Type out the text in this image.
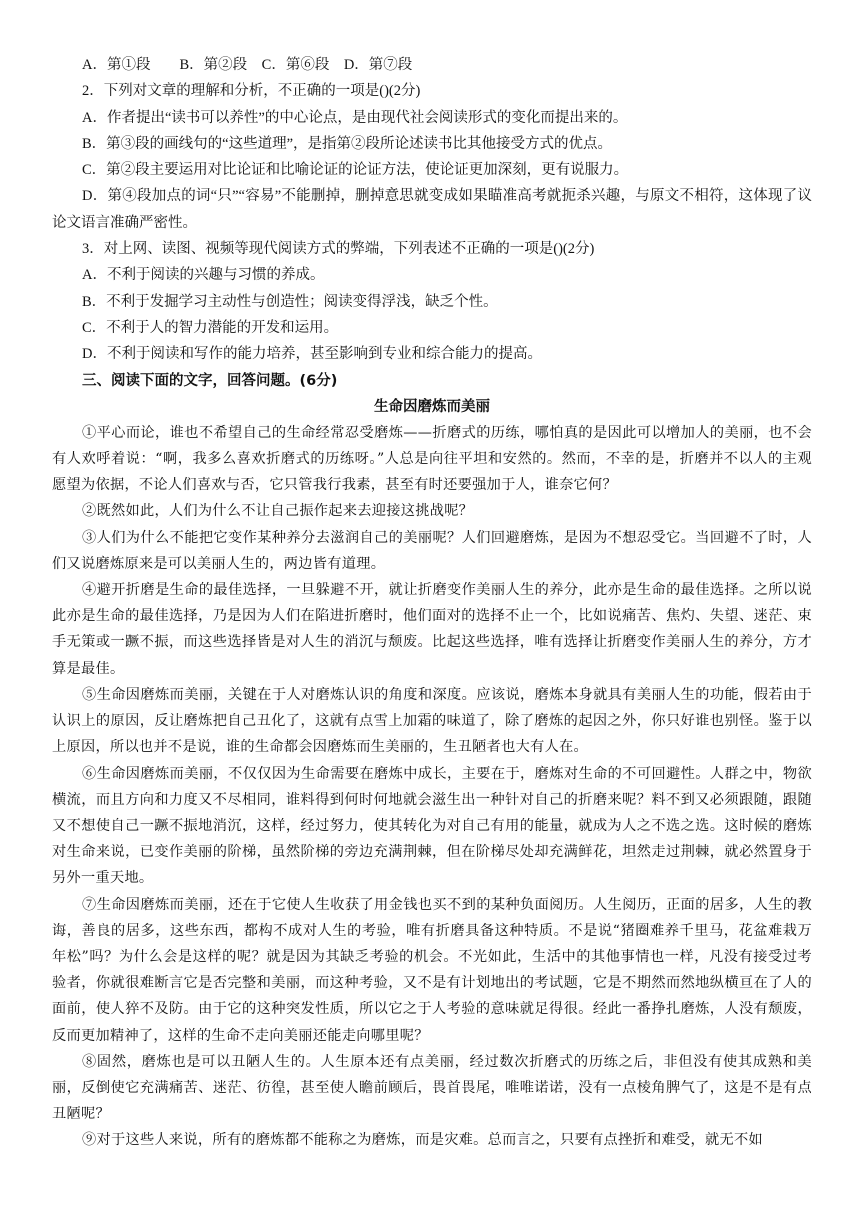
A．第①段　　B．第②段　C．第⑥段　D．第⑦段

2．下列对文章的理解和分析，不正确的一项是()(2分)

A．作者提出“读书可以养性”的中心论点，是由现代社会阅读形式的变化而提出来的。

B．第③段的画线句的“这些道理”，是指第②段所论述读书比其他接受方式的优点。

C．第②段主要运用对比论证和比喻论证的论证方法，使论证更加深刻，更有说服力。

D．第④段加点的词“只”“容易”不能删掉，删掉意思就变成如果瞄准高考就扼杀兴趣，与原文不相符，这体现了议论文语言准确严密性。

3．对上网、读图、视频等现代阅读方式的弊端，下列表述不正确的一项是()(2分)

A．不利于阅读的兴趣与习惯的养成。

B．不利于发掘学习主动性与创造性；阅读变得浮浅，缺乏个性。

C．不利于人的智力潜能的开发和运用。

D．不利于阅读和写作的能力培养，甚至影响到专业和综合能力的提高。

三、阅读下面的文字，回答问题。(6分)

生命因磨炼而美丽

①平心而论，谁也不希望自己的生命经常忍受磨炼——折磨式的历练，哪怕真的是因此可以增加人的美丽，也不会有人欢呼着说：“啊，我多么喜欢折磨式的历练呀。”人总是向往平坦和安然的。然而，不幸的是，折磨并不以人的主观愿望为依据，不论人们喜欢与否，它只管我行我素，甚至有时还要强加于人，谁奈它何？

②既然如此，人们为什么不让自己振作起来去迎接这挑战呢？

③人们为什么不能把它变作某种养分去滋润自己的美丽呢？人们回避磨炼，是因为不想忍受它。当回避不了时，人们又说磨炼原来是可以美丽人生的，两边皆有道理。

④避开折磨是生命的最佳选择，一旦躲避不开，就让折磨变作美丽人生的养分，此亦是生命的最佳选择。之所以说此亦是生命的最佳选择，乃是因为人们在陷进折磨时，他们面对的选择不止一个，比如说痛苦、焦灼、失望、迷茫、束手无策或一蹶不振，而这些选择皆是对人生的消沉与颓废。比起这些选择，唯有选择让折磨变作美丽人生的养分，方才算是最佳。

⑤生命因磨炼而美丽，关键在于人对磨炼认识的角度和深度。应该说，磨炼本身就具有美丽人生的功能，假若由于认识上的原因，反让磨炼把自己丑化了，这就有点雪上加霜的味道了，除了磨炼的起因之外，你只好谁也别怪。鉴于以上原因，所以也并不是说，谁的生命都会因磨炼而生美丽的，生丑陋者也大有人在。

⑥生命因磨炼而美丽，不仅仅因为生命需要在磨炼中成长，主要在于，磨炼对生命的不可回避性。人群之中，物欲横流，而且方向和力度又不尽相同，谁料得到何时何地就会滋生出一种针对自己的折磨来呢？料不到又必须跟随，跟随又不想使自己一蹶不振地消沉，这样，经过努力，使其转化为对自己有用的能量，就成为人之不选之选。这时候的磨炼对生命来说，已变作美丽的阶梯，虽然阶梯的旁边充满荆棘，但在阶梯尽处却充满鲜花，坦然走过荆棘，就必然置身于另外一重天地。

⑦生命因磨炼而美丽，还在于它使人生收获了用金钱也买不到的某种负面阅历。人生阅历，正面的居多，人生的教诲，善良的居多，这些东西，都构不成对人生的考验，唯有折磨具备这种特质。不是说“猪圈难养千里马，花盆难栽万年松”吗？为什么会是这样的呢？就是因为其缺乏考验的机会。不光如此，生活中的其他事情也一样，凡没有接受过考验者，你就很难断言它是否完整和美丽，而这种考验，又不是有计划地出的考试题，它是不期然而然地纵横亘在了人的面前，使人猝不及防。由于它的这种突发性质，所以它之于人考验的意味就足得很。经此一番挣扎磨炼，人没有颓废，反而更加精神了，这样的生命不走向美丽还能走向哪里呢？

⑧固然，磨炼也是可以丑陋人生的。人生原本还有点美丽，经过数次折磨式的历练之后，非但没有使其成熟和美丽，反倒使它充满痛苦、迷茫、彷徨，甚至使人瞻前顾后，畏首畏尾，唯唯诺诺，没有一点棱角脾气了，这是不是有点丑陋呢？

⑨对于这些人来说，所有的磨炼都不能称之为磨炼，而是灾难。总而言之，只要有点挫折和难受，就无不如
